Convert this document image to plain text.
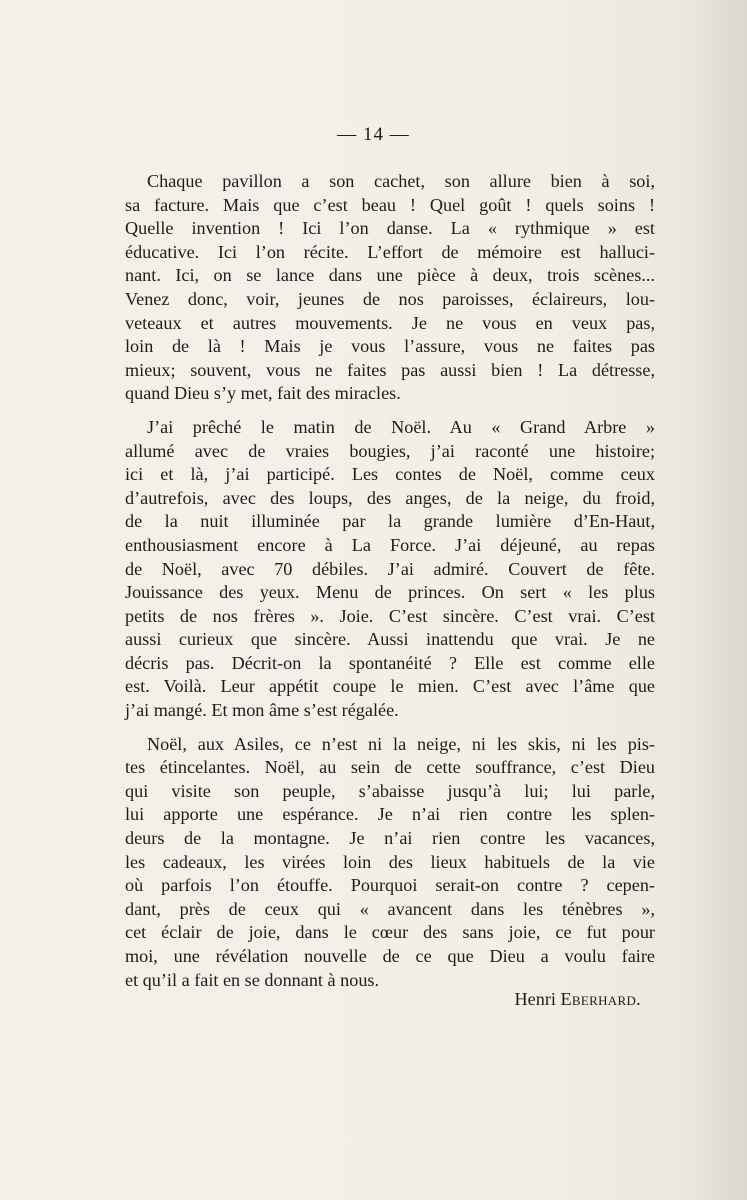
— 14 —

Chaque pavillon a son cachet, son allure bien à soi,
sa facture. Mais que c’est beau ! Quel goût ! quels soins !
Quelle invention ! Ici l’on danse. La « rythmique » est
éducative. Ici l’on récite. L’effort de mémoire est halluci-
nant. Ici, on se lance dans une pièce à deux, trois scènes...
Venez donc, voir, jeunes de nos paroisses, éclaireurs, lou-
veteaux et autres mouvements. Je ne vous en veux pas,
loin de là ! Mais je vous l’assure, vous ne faites pas
mieux; souvent, vous ne faites pas aussi bien ! La détresse,
quand Dieu s’y met, fait des miracles.

J’ai prêché le matin de Noël. Au « Grand Arbre »
allumé avec de vraies bougies, j’ai raconté une histoire;
ici et là, j’ai participé. Les contes de Noël, comme ceux
d’autrefois, avec des loups, des anges, de la neige, du froid,
de la nuit illuminée par la grande lumière d’En-Haut,
enthousiasment encore à La Force. J’ai déjeuné, au repas
de Noël, avec 70 débiles. J’ai admiré. Couvert de fête.
Jouissance des yeux. Menu de princes. On sert « les plus
petits de nos frères ». Joie. C’est sincère. C’est vrai. C’est
aussi curieux que sincère. Aussi inattendu que vrai. Je ne
décris pas. Décrit-on la spontanéité ? Elle est comme elle
est. Voilà. Leur appétit coupe le mien. C’est avec l’âme que
j’ai mangé. Et mon âme s’est régalée.

Noël, aux Asiles, ce n’est ni la neige, ni les skis, ni les pis-
tes étincelantes. Noël, au sein de cette souffrance, c’est Dieu
qui visite son peuple, s’abaisse jusqu’à lui; lui parle,
lui apporte une espérance. Je n’ai rien contre les splen-
deurs de la montagne. Je n’ai rien contre les vacances,
les cadeaux, les virées loin des lieux habituels de la vie
où parfois l’on étouffe. Pourquoi serait-on contre ? cepen-
dant, près de ceux qui « avancent dans les ténèbres »,
cet éclair de joie, dans le cœur des sans joie, ce fut pour
moi, une révélation nouvelle de ce que Dieu a voulu faire
et qu’il a fait en se donnant à nous.

Henri Eberhard.
